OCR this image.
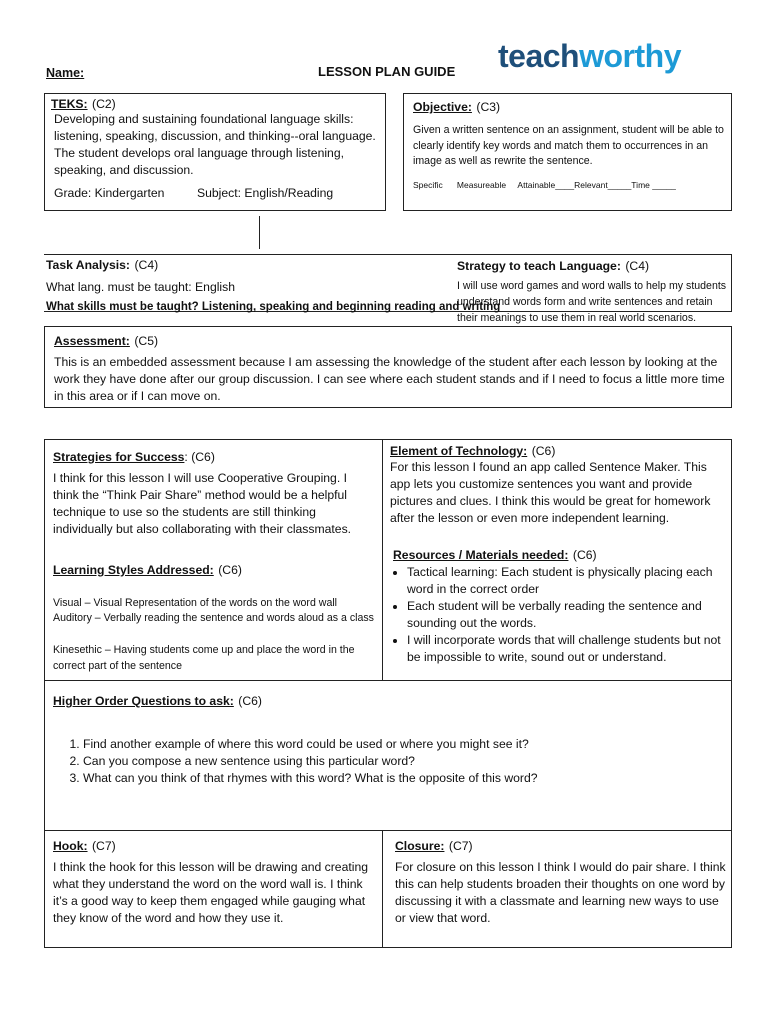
Name:	LESSON PLAN GUIDE teachworthy
TEKS: (C2)
Developing and sustaining foundational language skills: listening, speaking, discussion, and thinking--oral language. The student develops oral language through listening, speaking, and discussion.
Grade: Kindergarten	Subject: English/Reading
Objective: (C3)
Given a written sentence on an assignment, student will be able to clearly identify key words and match them to occurrences in an image as well as rewrite the sentence.
Specific      Measureable     Attainable____Relevant_____Time _____
Task Analysis: (C4)
What lang. must be taught: English
What skills must be taught? Listening, speaking and beginning reading and writing
Strategy to teach Language: (C4)
I will use word games and word walls to help my students understand words form and write sentences and retain their meanings to use them in real world scenarios.
Assessment: (C5)
This is an embedded assessment because I am assessing the knowledge of the student after each lesson by looking at the work they have done after our group discussion. I can see where each student stands and if I need to focus a little more time in this area or if I can move on.
Strategies for Success: (C6)
I think for this lesson I will use Cooperative Grouping. I think the “Think Pair Share” method would be a helpful technique to use so the students are still thinking individually but also collaborating with their classmates.
Learning Styles Addressed: (C6)
Visual – Visual Representation of the words on the word wall
Auditory – Verbally reading the sentence and words aloud as a class
Kinesethic – Having students come up and place the word in the correct part of the sentence
Element of Technology: (C6)
For this lesson I found an app called Sentence Maker. This app lets you customize sentences you want and provide pictures and clues. I think this would be great for homework after the lesson or even more independent learning.
Resources / Materials needed: (C6)
• Tactical learning: Each student is physically placing each word in the correct order
• Each student will be verbally reading the sentence and sounding out the words.
• I will incorporate words that will challenge students but not be impossible to write, sound out or understand.
Higher Order Questions to ask: (C6)
1. Find another example of where this word could be used or where you might see it?
2. Can you compose a new sentence using this particular word?
3. What can you think of that rhymes with this word? What is the opposite of this word?
Hook: (C7)
I think the hook for this lesson will be drawing and creating what they understand the word on the word wall is. I think it’s a good way to keep them engaged while gauging what they know of the word and how they use it.
Closure: (C7)
For closure on this lesson I think I would do pair share. I think this can help students broaden their thoughts on one word by discussing it with a classmate and learning new ways to use or view that word.
